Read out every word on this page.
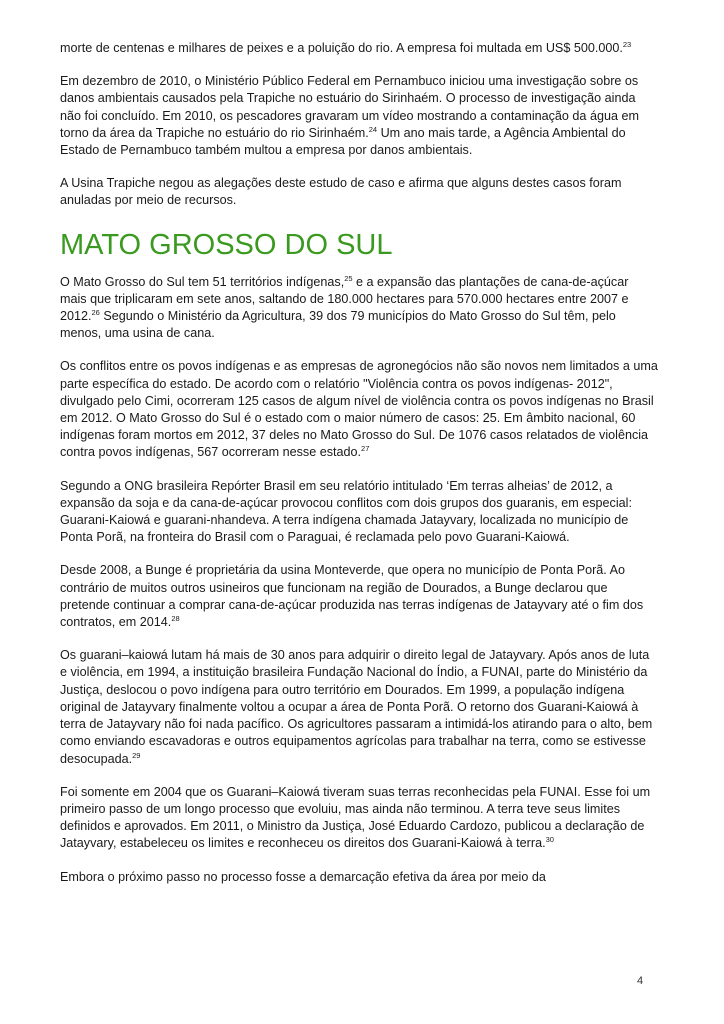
morte de centenas e milhares de peixes e a poluição do rio. A empresa foi multada em US$ 500.000.23

Em dezembro de 2010, o Ministério Público Federal em Pernambuco iniciou uma investigação sobre os danos ambientais causados pela Trapiche no estuário do Sirinhaém. O processo de investigação ainda não foi concluído. Em 2010, os pescadores gravaram um vídeo mostrando a contaminação da água em torno da área da Trapiche no estuário do rio Sirinhaém.$^{24}$ Um ano mais tarde, a Agência Ambiental do Estado de Pernambuco também multou a empresa por danos ambientais.

A Usina Trapiche negou as alegações deste estudo de caso e afirma que alguns destes casos foram anuladas por meio de recursos.

MATO GROSSO DO SUL

O Mato Grosso do Sul tem 51 territórios indígenas,$^{25}$ e a expansão das plantações de cana-de-açúcar mais que triplicaram em sete anos, saltando de 180.000 hectares para 570.000 hectares entre 2007 e 2012.26 Segundo o Ministério da Agricultura, 39 dos 79 municípios do Mato Grosso do Sul têm, pelo menos, uma usina de cana.

Os conflitos entre os povos indígenas e as empresas de agronegócios não são novos nem limitados a uma parte específica do estado. De acordo com o relatório "Violência contra os povos indígenas- 2012", divulgado pelo Cimi, ocorreram 125 casos de algum nível de violência contra os povos indígenas no Brasil em 2012. O Mato Grosso do Sul é o estado com o maior número de casos: 25. Em âmbito nacional, 60 indígenas foram mortos em 2012, 37 deles no Mato Grosso do Sul. De 1076 casos relatados de violência contra povos indígenas, 567 ocorreram nesse estado.$^{27}$

Segundo a ONG brasileira Repórter Brasil em seu relatório intitulado ‘Em terras alheias’ de 2012, a expansão da soja e da cana-de-açúcar provocou conflitos com dois grupos dos guaranis, em especial: Guarani-Kaiowá e guarani-nhandeva. A terra indígena chamada Jatayvary, localizada no município de Ponta Porã, na fronteira do Brasil com o Paraguai, é reclamada pelo povo Guarani-Kaiowá.

Desde 2008, a Bunge é proprietária da usina Monteverde, que opera no município de Ponta Porã. Ao contrário de muitos outros usineiros que funcionam na região de Dourados, a Bunge declarou que pretende continuar a comprar cana-de-açúcar produzida nas terras indígenas de Jatayvary até o fim dos contratos, em 2014.28

Os guarani–kaiowá lutam há mais de 30 anos para adquirir o direito legal de Jatayvary. Após anos de luta e violência, em 1994, a instituição brasileira Fundação Nacional do Índio, a FUNAI, parte do Ministério da Justiça, deslocou o povo indígena para outro território em Dourados. Em 1999, a população indígena original de Jatayvary finalmente voltou a ocupar a área de Ponta Porã. O retorno dos Guarani-Kaiowá à terra de Jatayvary não foi nada pacífico. Os agricultores passaram a intimidá-los atirando para o alto, bem como enviando escavadoras e outros equipamentos agrícolas para trabalhar na terra, como se estivesse desocupada.$^{29}$

Foi somente em 2004 que os Guarani–Kaiowá tiveram suas terras reconhecidas pela FUNAI. Esse foi um primeiro passo de um longo processo que evoluiu, mas ainda não terminou. A terra teve seus limites definidos e aprovados. Em 2011, o Ministro da Justiça, José Eduardo Cardozo, publicou a declaração de Jatayvary, estabeleceu os limites e reconheceu os direitos dos Guarani-Kaiowá à terra.$^{30}$

Embora o próximo passo no processo fosse a demarcação efetiva da área por meio da

4
